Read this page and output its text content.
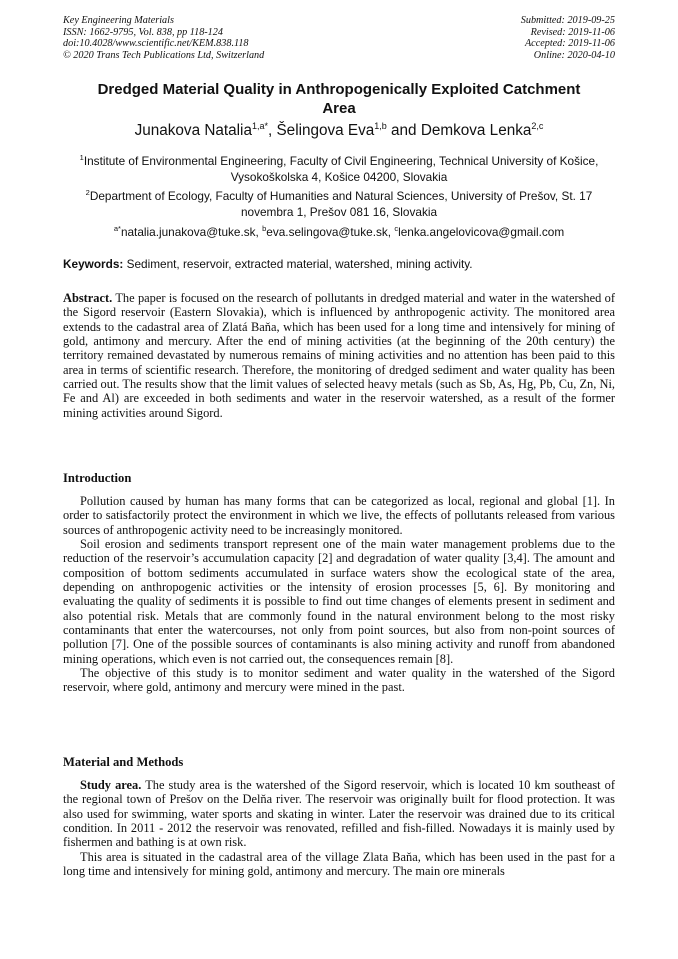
Key Engineering Materials
ISSN: 1662-9795, Vol. 838, pp 118-124
doi:10.4028/www.scientific.net/KEM.838.118
© 2020 Trans Tech Publications Ltd, Switzerland
Submitted: 2019-09-25
Revised: 2019-11-06
Accepted: 2019-11-06
Online: 2020-04-10
Dredged Material Quality in Anthropogenically Exploited Catchment Area
Junakova Natalia$^{1,a*}$, Šelingova Eva$^{1,b}$ and Demkova Lenka$^{2,c}$
$^1$Institute of Environmental Engineering, Faculty of Civil Engineering, Technical University of Košice, Vysokoškolska 4, Košice 04200, Slovakia
$^2$Department of Ecology, Faculty of Humanities and Natural Sciences, University of Prešov, St. 17 novembra 1, Prešov 081 16, Slovakia
$^{a*}$natalia.junakova@tuke.sk, $^b$eva.selingova@tuke.sk, $^c$lenka.angelovicova@gmail.com
Keywords: Sediment, reservoir, extracted material, watershed, mining activity.

Abstract. The paper is focused on the research of pollutants in dredged material and water in the watershed of the Sigord reservoir (Eastern Slovakia), which is influenced by anthropogenic activity. The monitored area extends to the cadastral area of Zlatá Baňa, which has been used for a long time and intensively for mining of gold, antimony and mercury. After the end of mining activities (at the beginning of the 20th century) the territory remained devastated by numerous remains of mining activities and no attention has been paid to this area in terms of scientific research. Therefore, the monitoring of dredged sediment and water quality has been carried out. The results show that the limit values of selected heavy metals (such as Sb, As, Hg, Pb, Cu, Zn, Ni, Fe and Al) are exceeded in both sediments and water in the reservoir watershed, as a result of the former mining activities around Sigord.

Introduction

Pollution caused by human has many forms that can be categorized as local, regional and global [1]. In order to satisfactorily protect the environment in which we live, the effects of pollutants released from various sources of anthropogenic activity need to be increasingly monitored.

Soil erosion and sediments transport represent one of the main water management problems due to the reduction of the reservoir’s accumulation capacity [2] and degradation of water quality [3,4]. The amount and composition of bottom sediments accumulated in surface waters show the ecological state of the area, depending on anthropogenic activities or the intensity of erosion processes [5, 6]. By monitoring and evaluating the quality of sediments it is possible to find out time changes of elements present in sediment and also potential risk. Metals that are commonly found in the natural environment belong to the most risky contaminants that enter the watercourses, not only from point sources, but also from non-point sources of pollution [7]. One of the possible sources of contaminants is also mining activity and runoff from abandoned mining operations, which even is not carried out, the consequences remain [8].

The objective of this study is to monitor sediment and water quality in the watershed of the Sigord reservoir, where gold, antimony and mercury were mined in the past.

Material and Methods

Study area. The study area is the watershed of the Sigord reservoir, which is located 10 km southeast of the regional town of Prešov on the Delňa river. The reservoir was originally built for flood protection. It was also used for swimming, water sports and skating in winter. Later the reservoir was drained due to its critical condition. In 2011 - 2012 the reservoir was renovated, refilled and fish-filled. Nowadays it is mainly used by fishermen and bathing is at own risk.

This area is situated in the cadastral area of the village Zlata Baňa, which has been used in the past for a long time and intensively for mining gold, antimony and mercury. The main ore minerals
